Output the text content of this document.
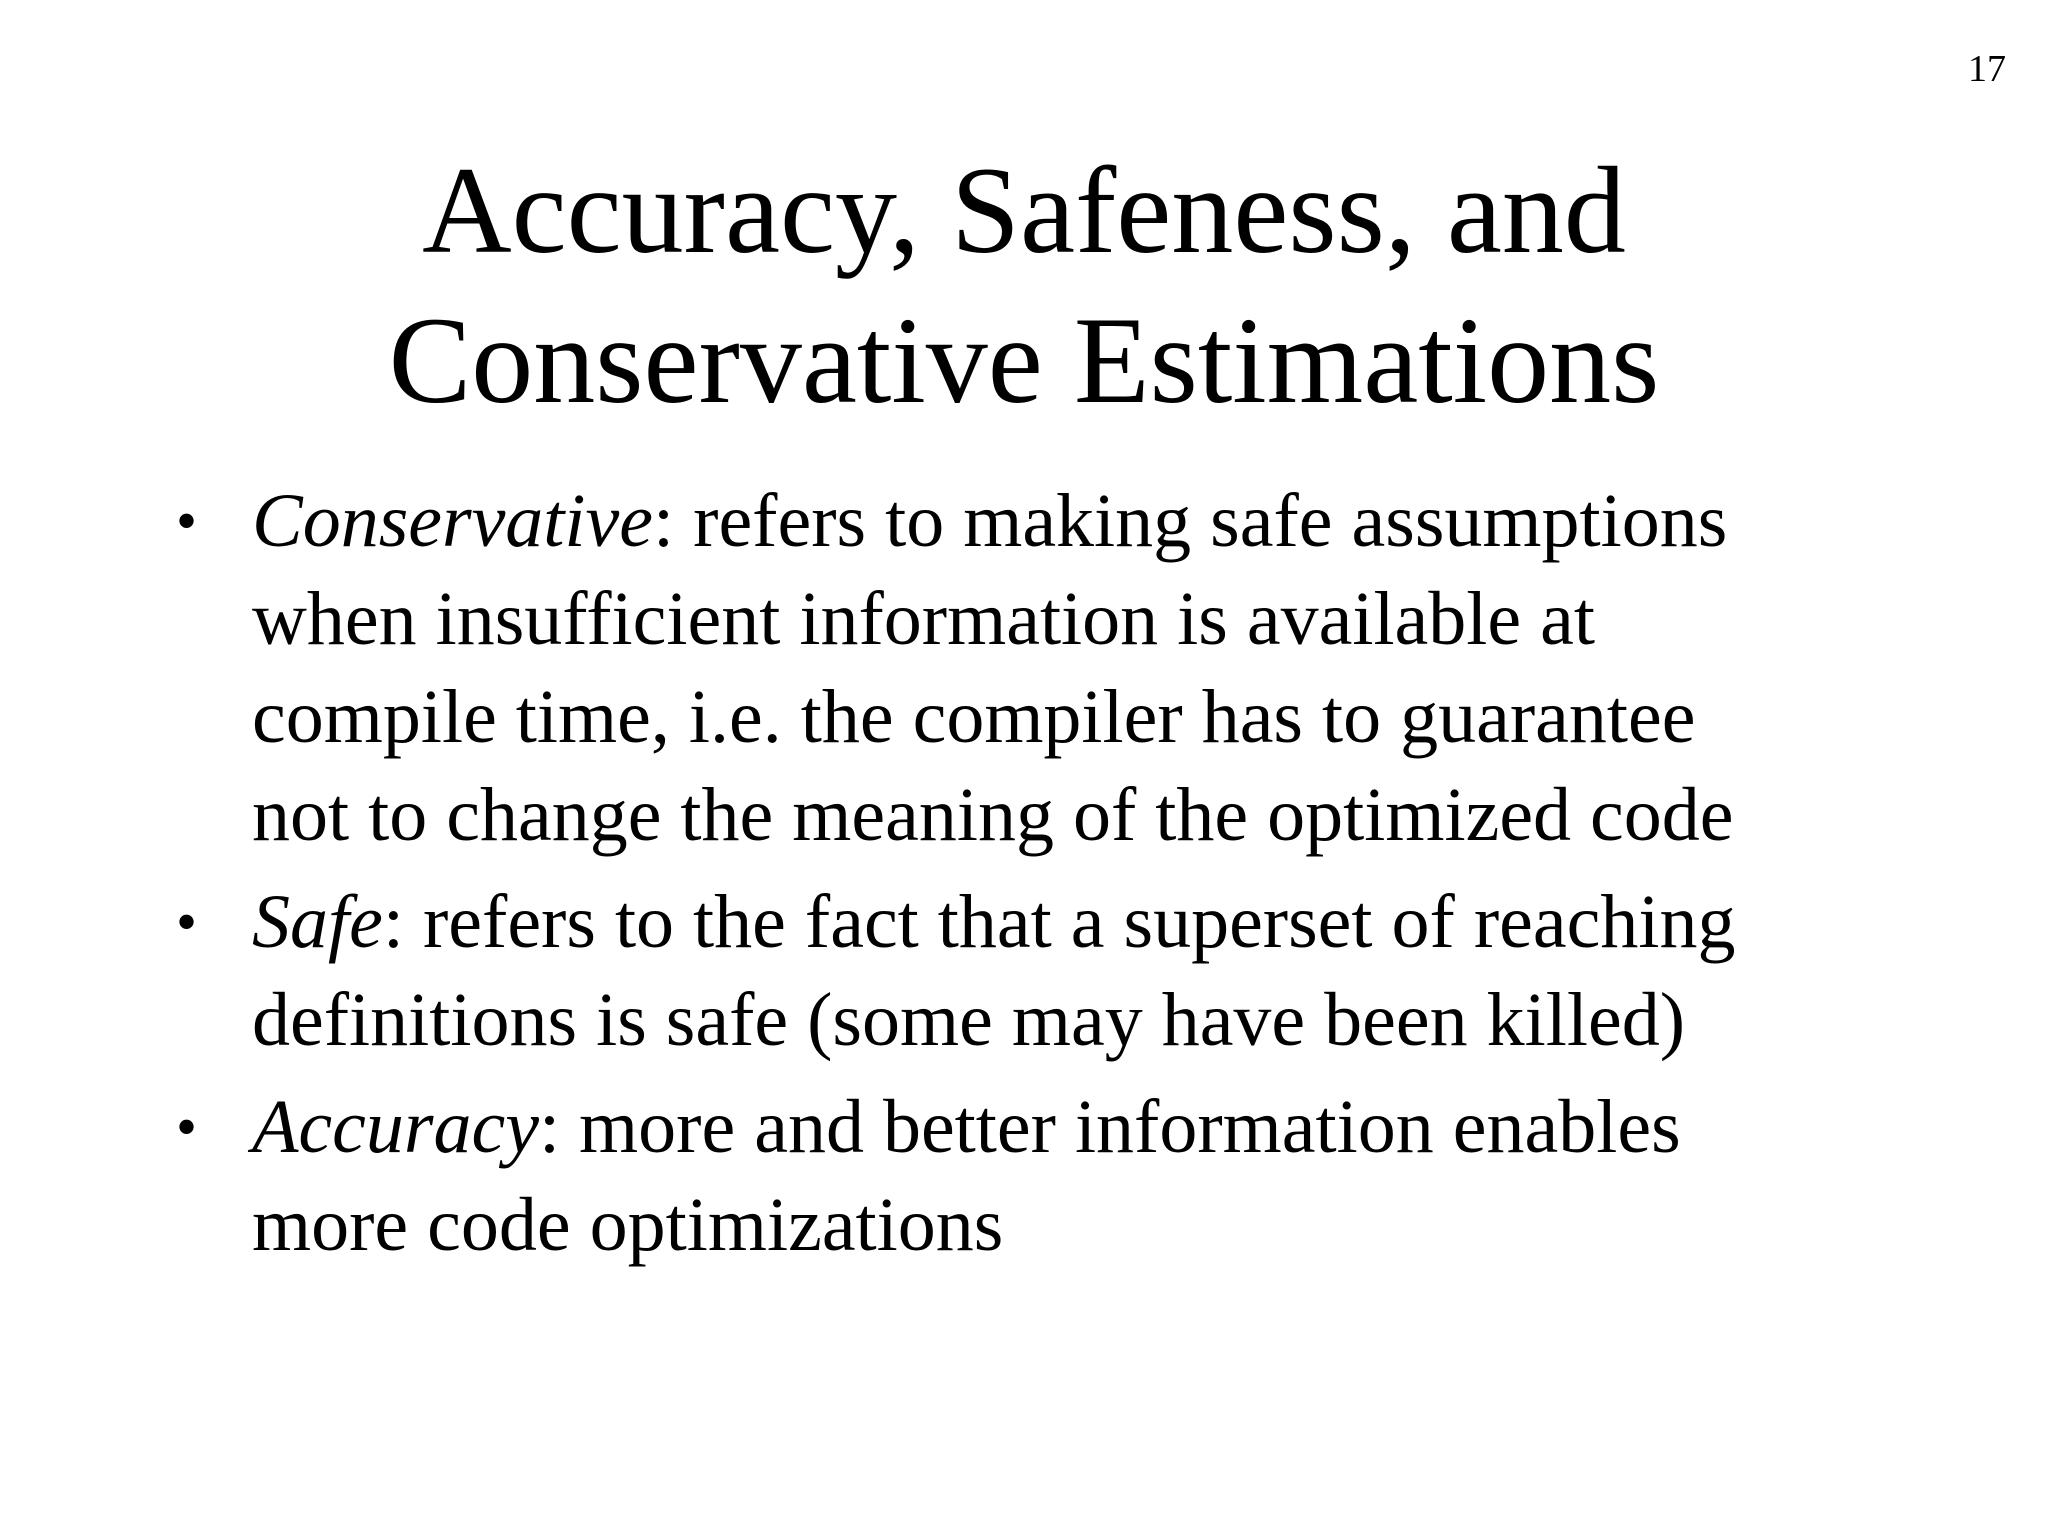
17
Accuracy, Safeness, and
Conservative Estimations
• Conservative: refers to making safe assumptions
when insufficient information is available at
compile time, i.e. the compiler has to guarantee
not to change the meaning of the optimized code
• Safe: refers to the fact that a superset of reaching
definitions is safe (some may have been killed)
• Accuracy: more and better information enables
more code optimizations
